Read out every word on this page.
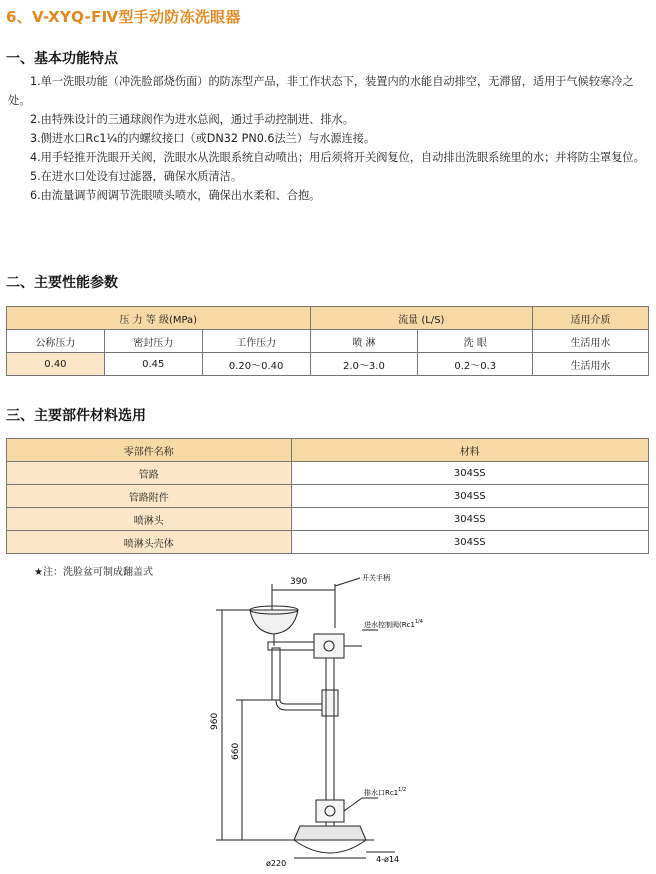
6、V-XYQ-FⅣ型手动防冻洗眼器
一、基本功能特点

1.单一洗眼功能（冲洗脸部烧伤面）的防冻型产品，非工作状态下，装置内的水能自动排空，无滞留，适用于气候较寒冷之处。

2.由特殊设计的三通球阀作为进水总阀，通过手动控制进、排水。

3.侧进水口Rc1¼的内螺纹接口（或DN32 PN0.6法兰）与水源连接。

4.用手轻推开洗眼开关阀，洗眼水从洗眼系统自动喷出；用后须将开关阀复位，自动排出洗眼系统里的水；并将防尘罩复位。

5.在进水口处设有过滤器，确保水质清洁。

6.由流量调节阀调节洗眼喷头喷水，确保出水柔和、合抱。

二、主要性能参数
压 力 等 级(MPa)			流量 (L/S)		适用介质
公称压力	密封压力	工作压力	喷 淋	洗 眼	生活用水
0.40	0.45	0.20～0.40	2.0～3.0	0.2～0.3	生活用水
三、主要部件材料选用
零部件名称	材料
管路	304SS
管路附件	304SS
喷淋头	304SS
喷淋头壳体	304SS
★注：洗脸盆可制成翻盖式
390	开关手柄
进水控制阀($Rc1^{1/4}$
排水口$Rc1^{1/2}$
960
660
ø220	4-ø14
